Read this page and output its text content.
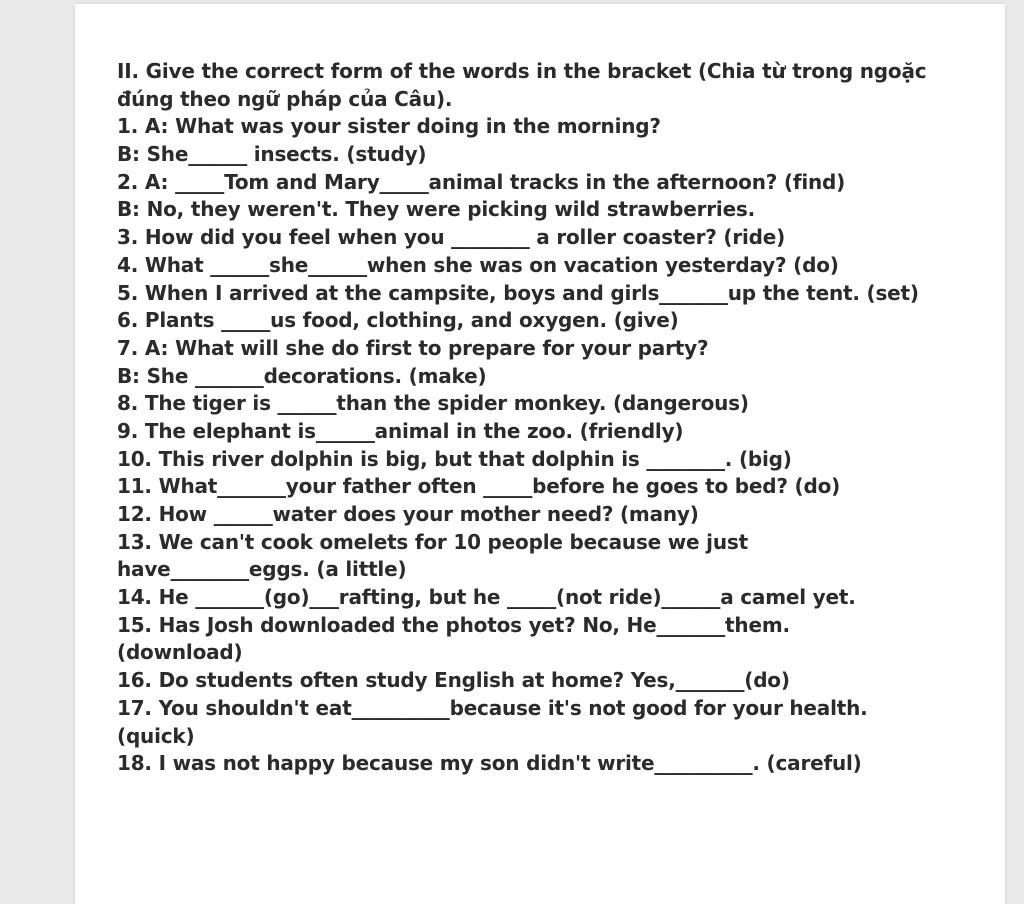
II. Give the correct form of the words in the bracket (Chia từ trong ngoặc
đúng theo ngữ pháp của Câu).
1. A: What was your sister doing in the morning?
B: She______ insects. (study)
2. A: _____Tom and Mary_____animal tracks in the afternoon? (find)
B: No, they weren't. They were picking wild strawberries.
3. How did you feel when you ________ a roller coaster? (ride)
4. What ______she______when she was on vacation yesterday? (do)
5. When I arrived at the campsite, boys and girls_______up the tent. (set)
6. Plants _____us food, clothing, and oxygen. (give)
7. A: What will she do first to prepare for your party?
B: She _______decorations. (make)
8. The tiger is ______than the spider monkey. (dangerous)
9. The elephant is______animal in the zoo. (friendly)
10. This river dolphin is big, but that dolphin is ________. (big)
11. What_______your father often _____before he goes to bed? (do)
12. How ______water does your mother need? (many)
13. We can't cook omelets for 10 people because we just
have________eggs. (a little)
14. He _______(go)___rafting, but he _____(not ride)______a camel yet.
15. Has Josh downloaded the photos yet? No, He_______them.
(download)
16. Do students often study English at home? Yes,_______(do)
17. You shouldn't eat__________because it's not good for your health.
(quick)
18. I was not happy because my son didn't write__________. (careful)
